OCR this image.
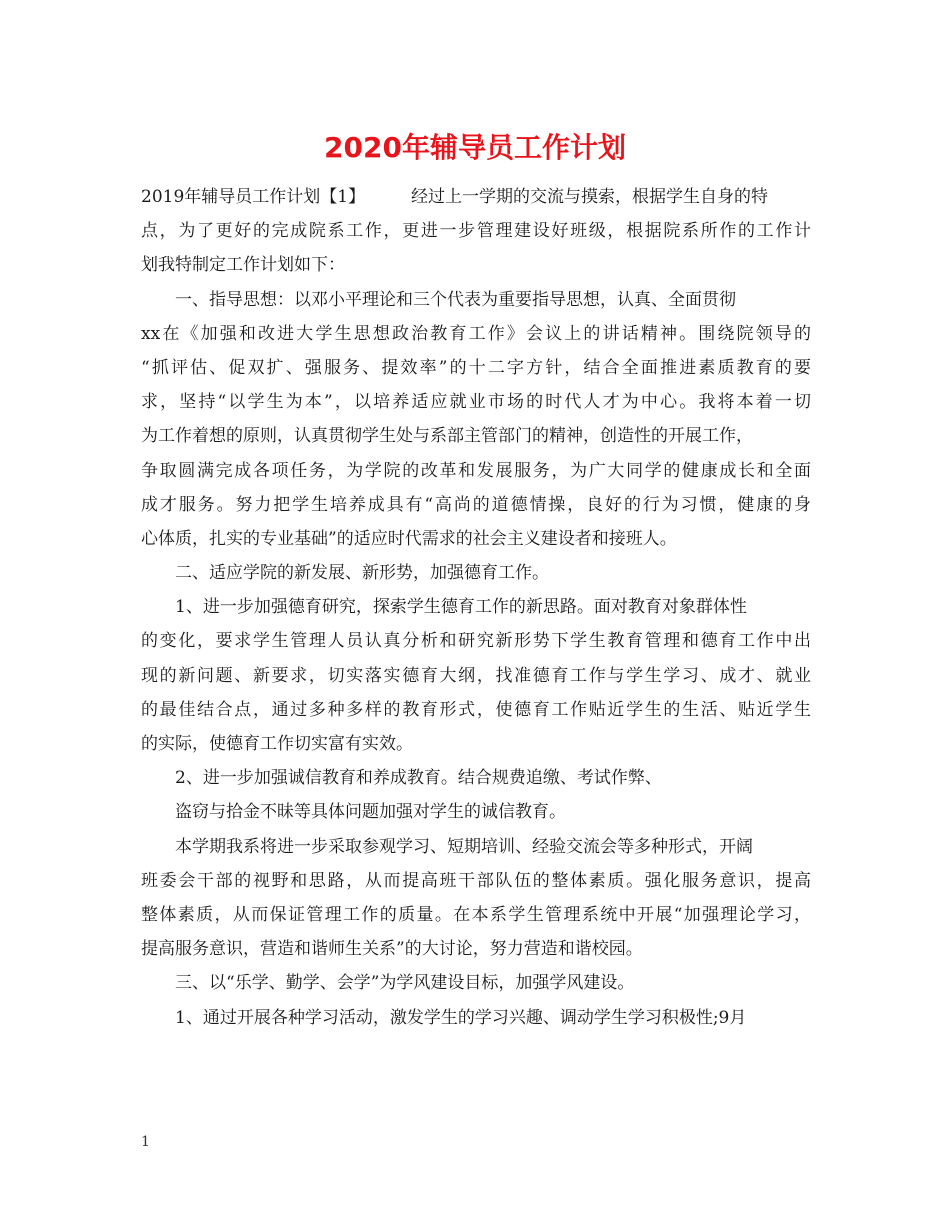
2020年辅导员工作计划

2019年辅导员工作计划【1】	经过上一学期的交流与摸索，根据学生自身的特

点，为了更好的完成院系工作，更进一步管理建设好班级，根据院系所作的工作计

划我特制定工作计划如下：

一、指导思想：以邓小平理论和三个代表为重要指导思想，认真、全面贯彻

xx在《加强和改进大学生思想政治教育工作》会议上的讲话精神。围绕院领导的

“抓评估、促双扩、强服务、提效率”的十二字方针，结合全面推进素质教育的要

求，坚持“以学生为本”，以培养适应就业市场的时代人才为中心。我将本着一切

为工作着想的原则，认真贯彻学生处与系部主管部门的精神，创造性的开展工作，

争取圆满完成各项任务，为学院的改革和发展服务，为广大同学的健康成长和全面

成才服务。努力把学生培养成具有“高尚的道德情操，良好的行为习惯，健康的身

心体质，扎实的专业基础”的适应时代需求的社会主义建设者和接班人。

二、适应学院的新发展、新形势，加强德育工作。

1、进一步加强德育研究，探索学生德育工作的新思路。面对教育对象群体性

的变化，要求学生管理人员认真分析和研究新形势下学生教育管理和德育工作中出

现的新问题、新要求，切实落实德育大纲，找准德育工作与学生学习、成才、就业

的最佳结合点，通过多种多样的教育形式，使德育工作贴近学生的生活、贴近学生

的实际，使德育工作切实富有实效。

2、进一步加强诚信教育和养成教育。结合规费追缴、考试作弊、

盗窃与拾金不昧等具体问题加强对学生的诚信教育。

本学期我系将进一步采取参观学习、短期培训、经验交流会等多种形式，开阔

班委会干部的视野和思路，从而提高班干部队伍的整体素质。强化服务意识，提高

整体素质，从而保证管理工作的质量。在本系学生管理系统中开展“加强理论学习，

提高服务意识，营造和谐师生关系”的大讨论，努力营造和谐校园。

三、以“乐学、勤学、会学”为学风建设目标，加强学风建设。

1、通过开展各种学习活动，激发学生的学习兴趣、调动学生学习积极性;9月

1
